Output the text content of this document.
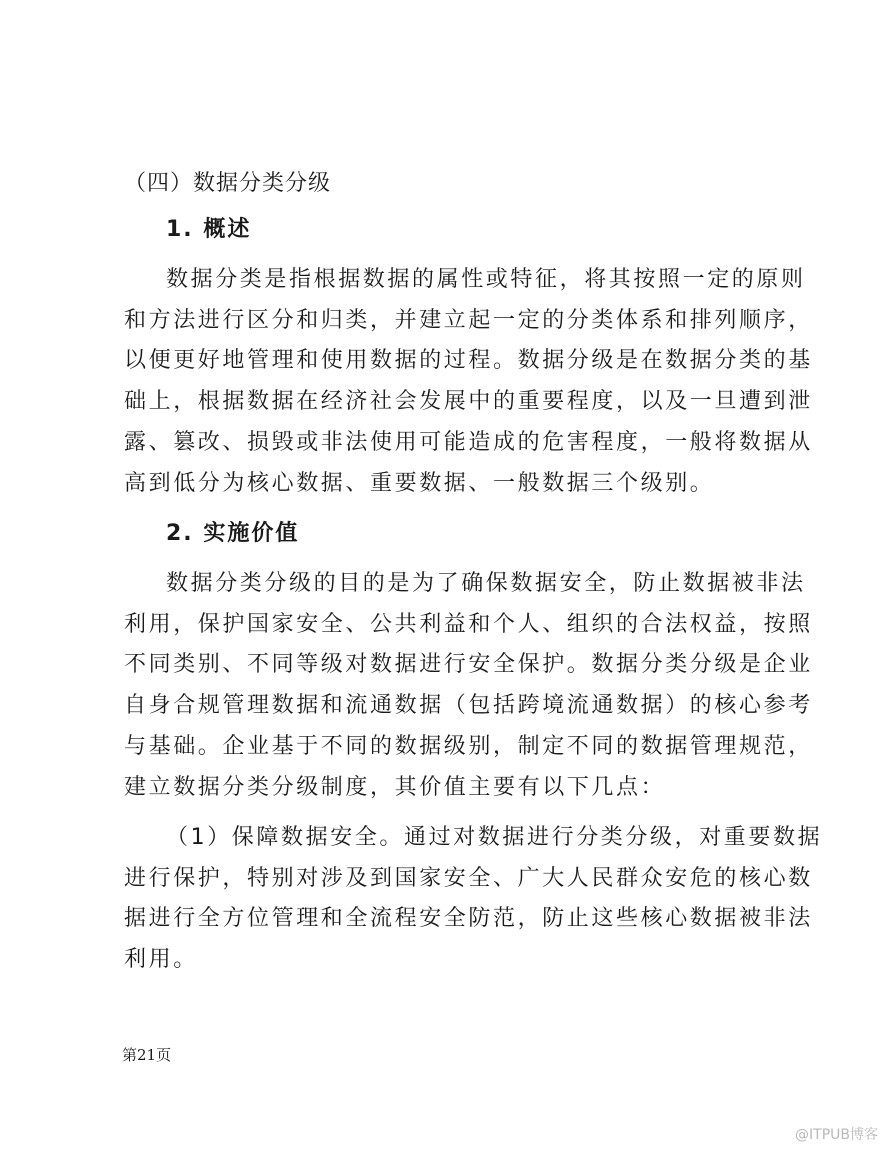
（四）数据分类分级
1. 概述
数据分类是指根据数据的属性或特征，将其按照一定的原则
和方法进行区分和归类，并建立起一定的分类体系和排列顺序，
以便更好地管理和使用数据的过程。数据分级是在数据分类的基
础上，根据数据在经济社会发展中的重要程度，以及一旦遭到泄
露、篡改、损毁或非法使用可能造成的危害程度，一般将数据从
高到低分为核心数据、重要数据、一般数据三个级别。
2. 实施价值
数据分类分级的目的是为了确保数据安全，防止数据被非法
利用，保护国家安全、公共利益和个人、组织的合法权益，按照
不同类别、不同等级对数据进行安全保护。数据分类分级是企业
自身合规管理数据和流通数据（包括跨境流通数据）的核心参考
与基础。企业基于不同的数据级别，制定不同的数据管理规范，
建立数据分类分级制度，其价值主要有以下几点：
（1）保障数据安全。通过对数据进行分类分级，对重要数据
进行保护，特别对涉及到国家安全、广大人民群众安危的核心数
据进行全方位管理和全流程安全防范，防止这些核心数据被非法
利用。
第21页
@ITPUB博客
